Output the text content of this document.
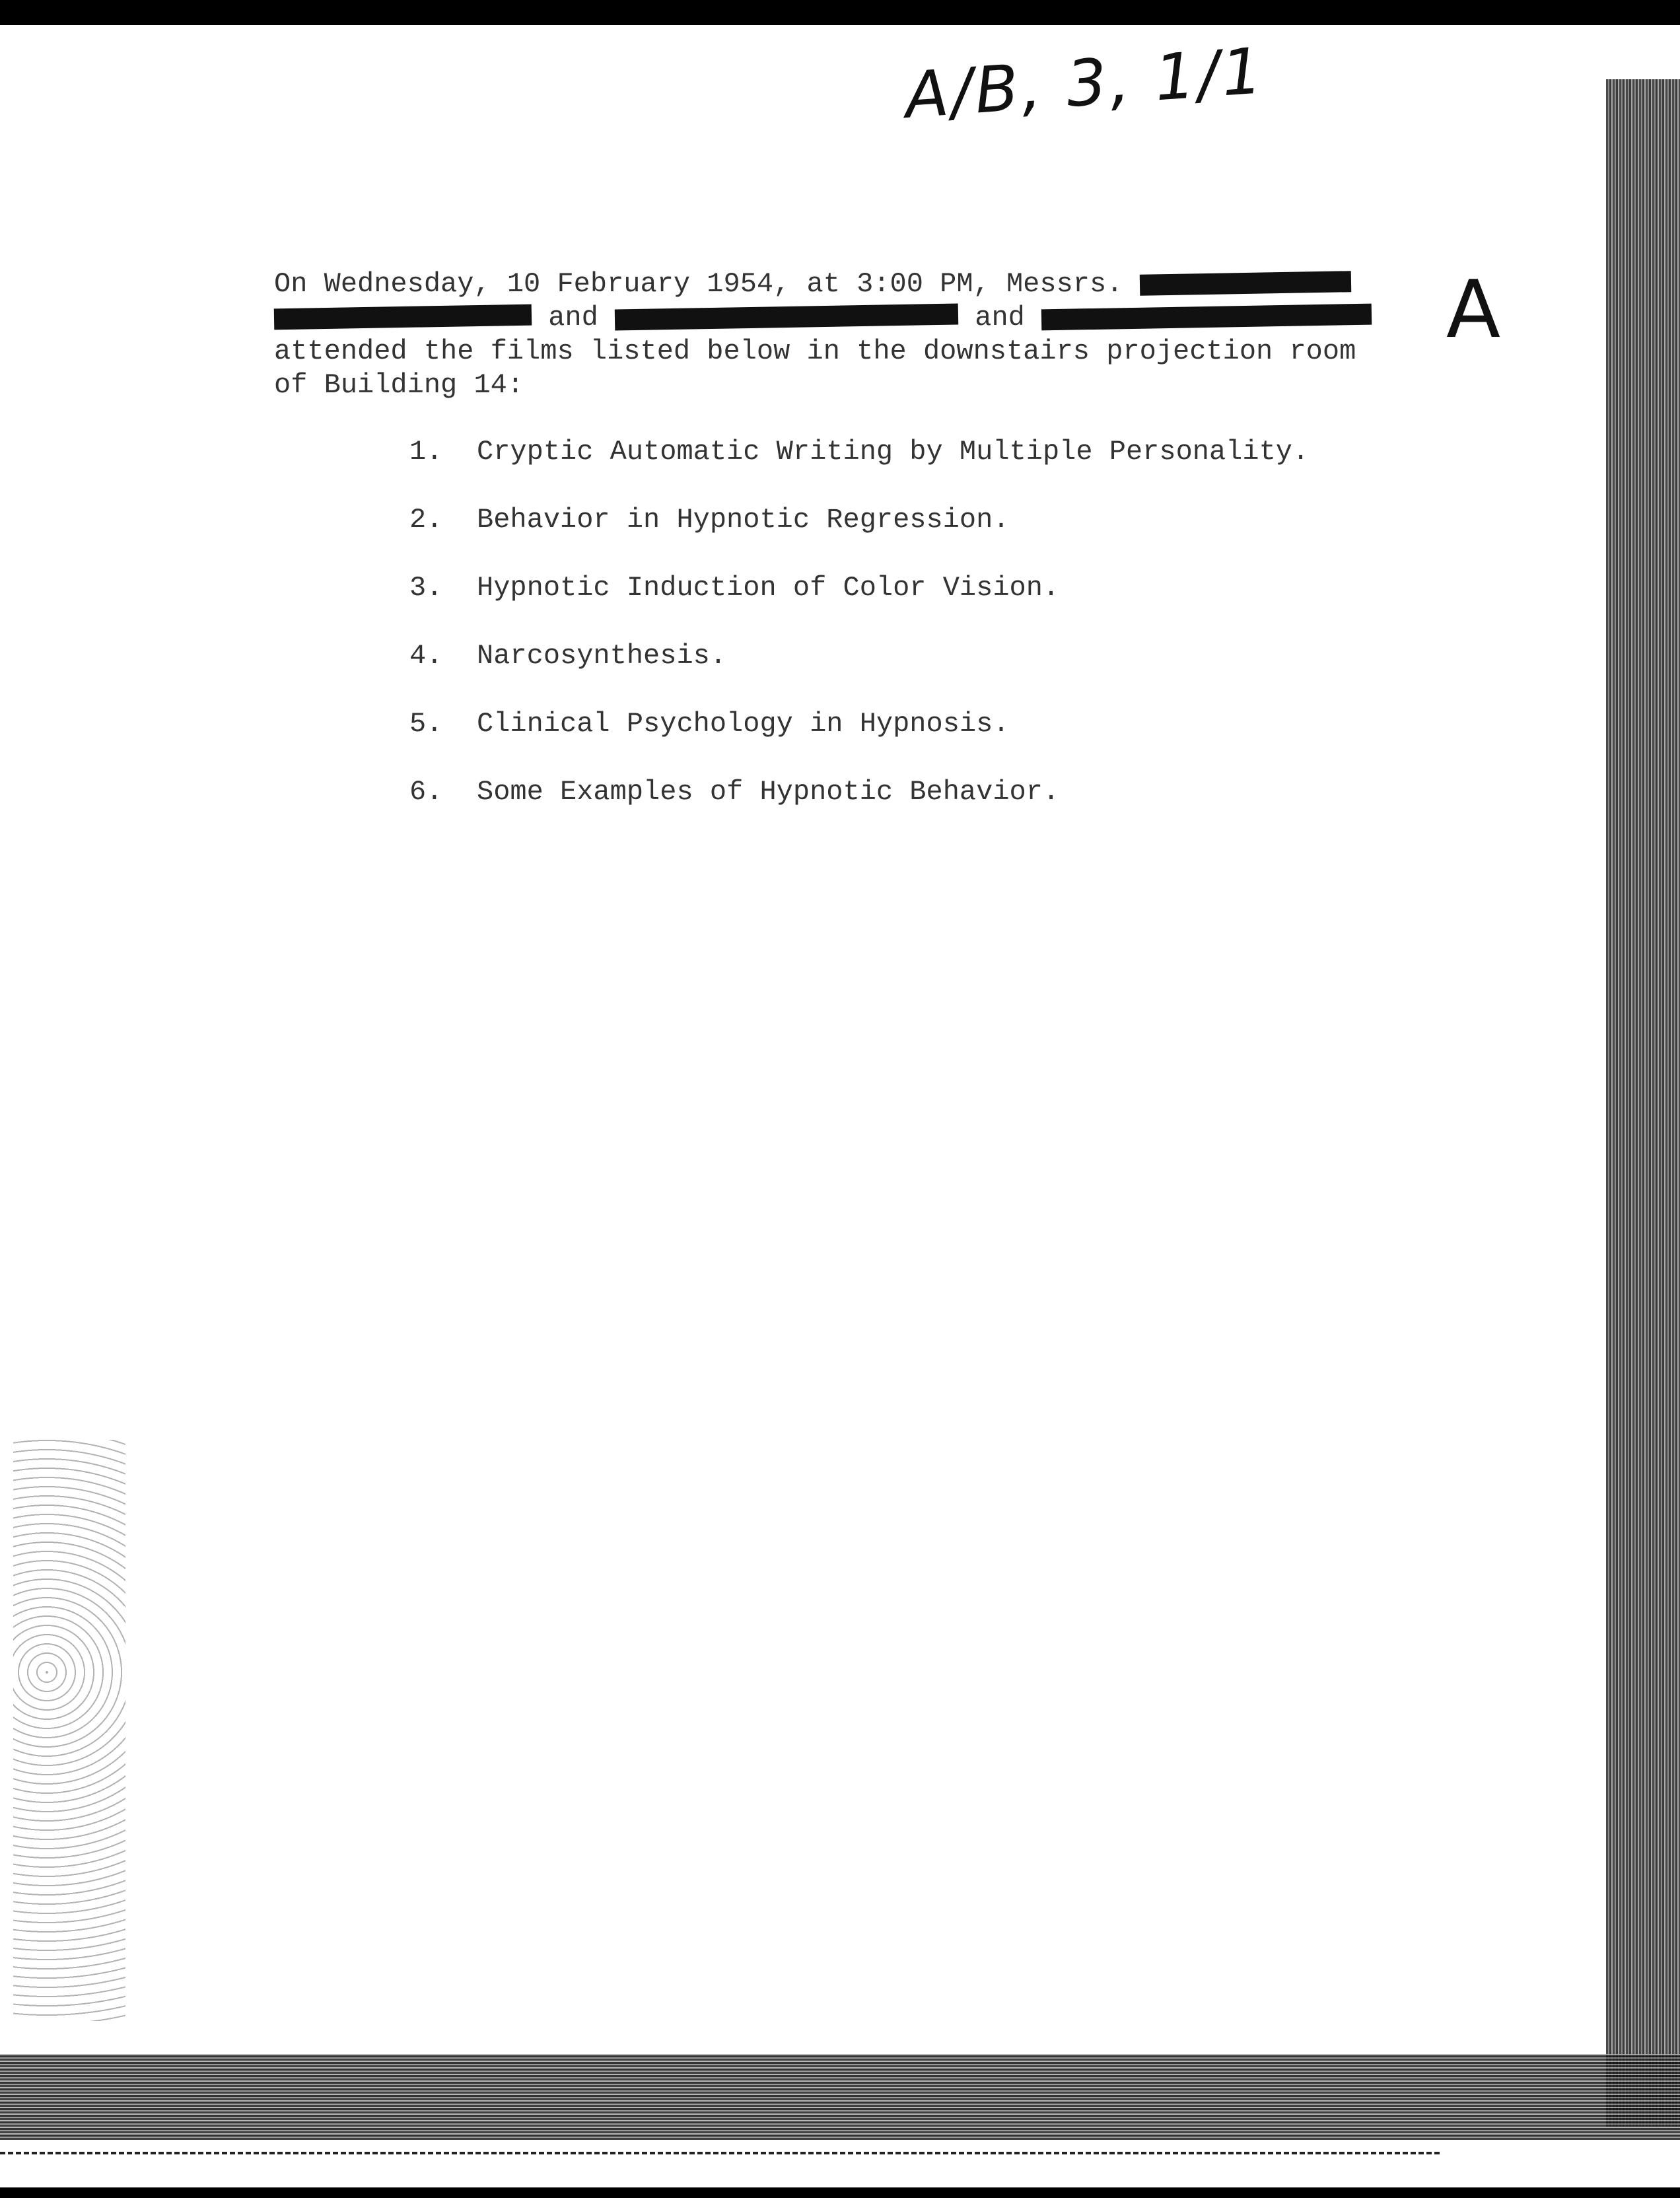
A/B, 3, 1/1
A
On Wednesday, 10 February 1954, at 3:00 PM, Messrs.
and	and
attended the films listed below in the downstairs projection room
of Building 14:
1.	Cryptic Automatic Writing by Multiple Personality.
2.	Behavior in Hypnotic Regression.
3.	Hypnotic Induction of Color Vision.
4.	Narcosynthesis.
5.	Clinical Psychology in Hypnosis.
6.	Some Examples of Hypnotic Behavior.
